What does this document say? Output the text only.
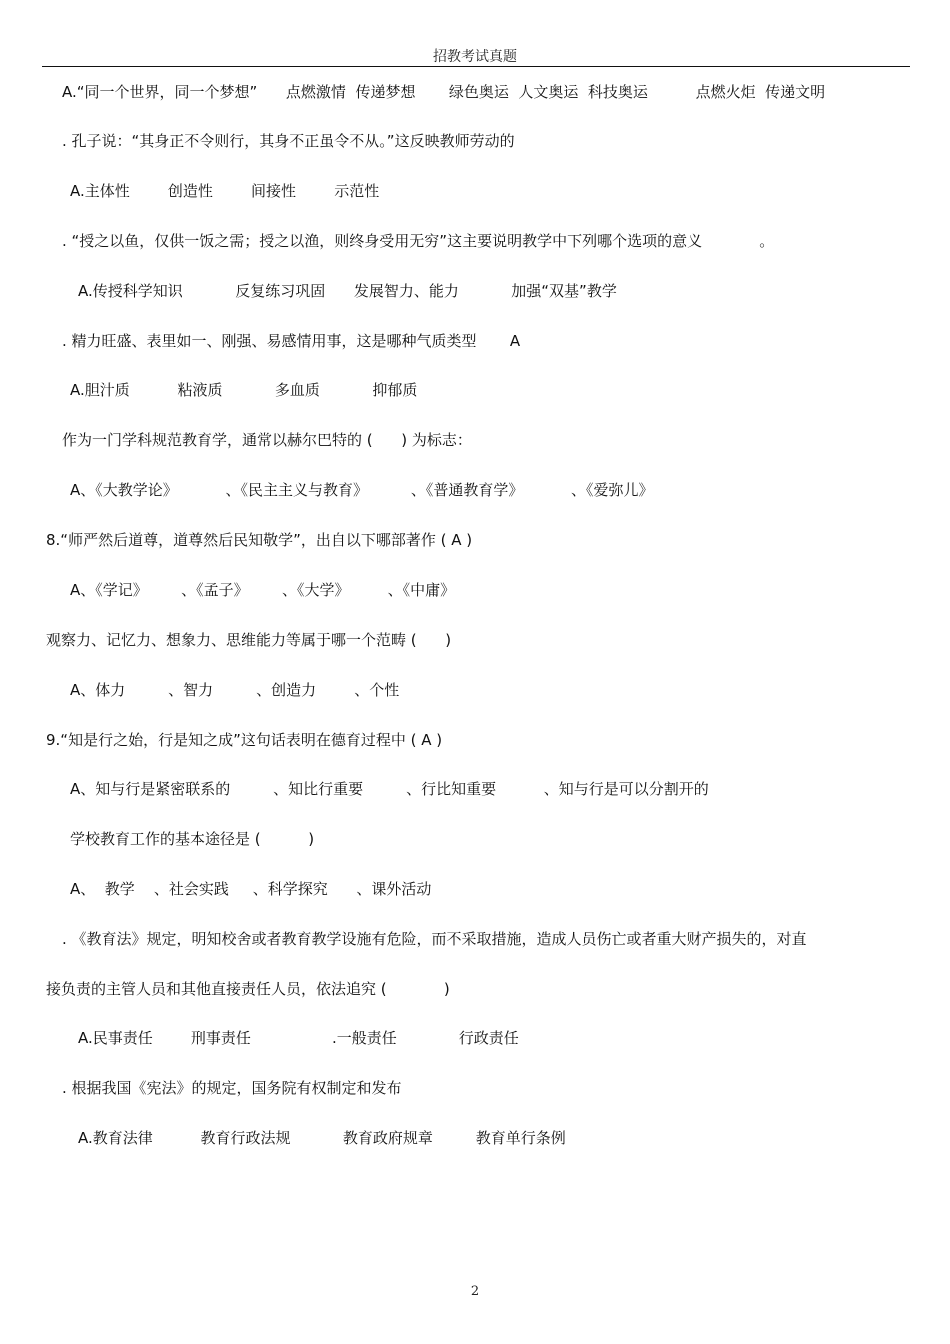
招教考试真题
A.“同一个世界，同一个梦想”      点燃激情  传递梦想       绿色奥运  人文奥运  科技奥运          点燃火炬  传递文明
. 孔子说：“其身正不令则行，其身不正虽令不从。”这反映教师劳动的
A.主体性        创造性        间接性        示范性
. “授之以鱼，仅供一饭之需；授之以渔，则终身受用无穷”这主要说明教学中下列哪个选项的意义            。
A.传授科学知识           反复练习巩固      发展智力、能力           加强“双基”教学
. 精力旺盛、表里如一、刚强、易感情用事，这是哪种气质类型       A
A.胆汁质          粘液质           多血质           抑郁质
作为一门学科规范教育学，通常以赫尔巴特的 (      ) 为标志：
A、《大教学论》          、《民主主义与教育》         、《普通教育学》          、《爱弥儿》
8.“师严然后道尊，道尊然后民知敬学”，出自以下哪部著作 ( A )
A、《学记》       、《孟子》       、《大学》        、《中庸》
观察力、记忆力、想象力、思维能力等属于哪一个范畴 (      )
A、体力         、智力         、创造力        、个性
9.“知是行之始，行是知之成”这句话表明在德育过程中 ( A )
A、知与行是紧密联系的         、知比行重要         、行比知重要          、知与行是可以分割开的
学校教育工作的基本途径是 (          )
A、  教学    、社会实践     、科学探究      、课外活动
. 《教育法》规定，明知校舍或者教育教学设施有危险，而不采取措施，造成人员伤亡或者重大财产损失的，对直
接负责的主管人员和其他直接责任人员，依法追究 (            )
A.民事责任        刑事责任                 .一般责任             行政责任
. 根据我国《宪法》的规定，国务院有权制定和发布
A.教育法律          教育行政法规           教育政府规章         教育单行条例
2
